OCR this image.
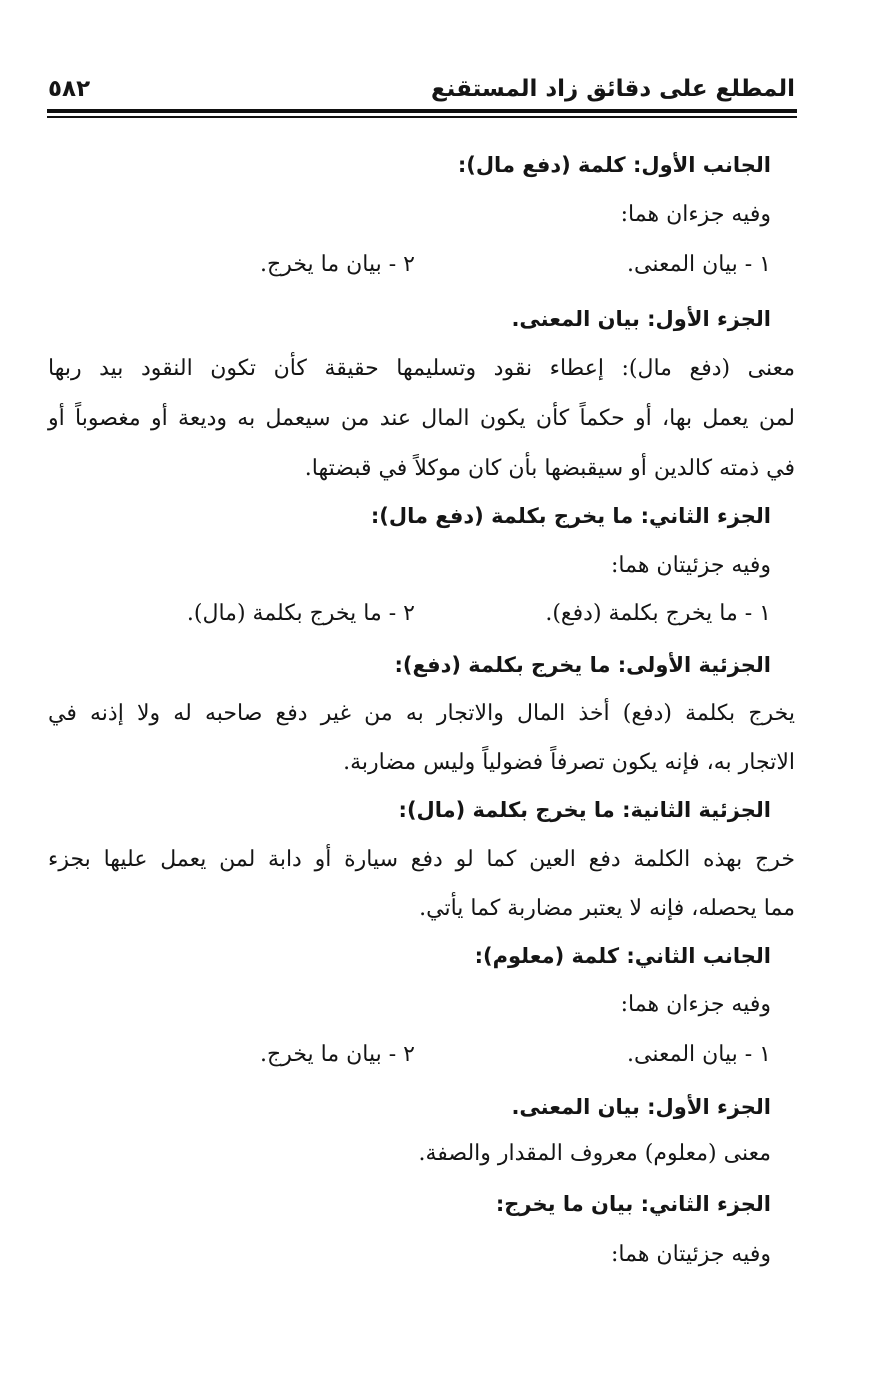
المطلع على دقائق زاد المستقنع
٥٨٢
الجانب الأول: كلمة (دفع مال):
وفيه جزءان هما:
١ - بيان المعنى.
٢ - بيان ما يخرج.
الجزء الأول: بيان المعنى.
معنى (دفع مال): إعطاء نقود وتسليمها حقيقة كأن تكون النقود بيد ربها
لمن يعمل بها، أو حكماً كأن يكون المال عند من سيعمل به وديعة أو مغصوباً أو
في ذمته كالدين أو سيقبضها بأن كان موكلاً في قبضتها.
الجزء الثاني: ما يخرج بكلمة (دفع مال):
وفيه جزئيتان هما:
١ - ما يخرج بكلمة (دفع).
٢ - ما يخرج بكلمة (مال).
الجزئية الأولى: ما يخرج بكلمة (دفع):
يخرج بكلمة (دفع) أخذ المال والاتجار به من غير دفع صاحبه له ولا إذنه في
الاتجار به، فإنه يكون تصرفاً فضولياً وليس مضاربة.
الجزئية الثانية: ما يخرج بكلمة (مال):
خرج بهذه الكلمة دفع العين كما لو دفع سيارة أو دابة لمن يعمل عليها بجزء
مما يحصله، فإنه لا يعتبر مضاربة كما يأتي.
الجانب الثاني: كلمة (معلوم):
وفيه جزءان هما:
١ - بيان المعنى.
٢ - بيان ما يخرج.
الجزء الأول: بيان المعنى.
معنى (معلوم) معروف المقدار والصفة.
الجزء الثاني: بيان ما يخرج:
وفيه جزئيتان هما:
